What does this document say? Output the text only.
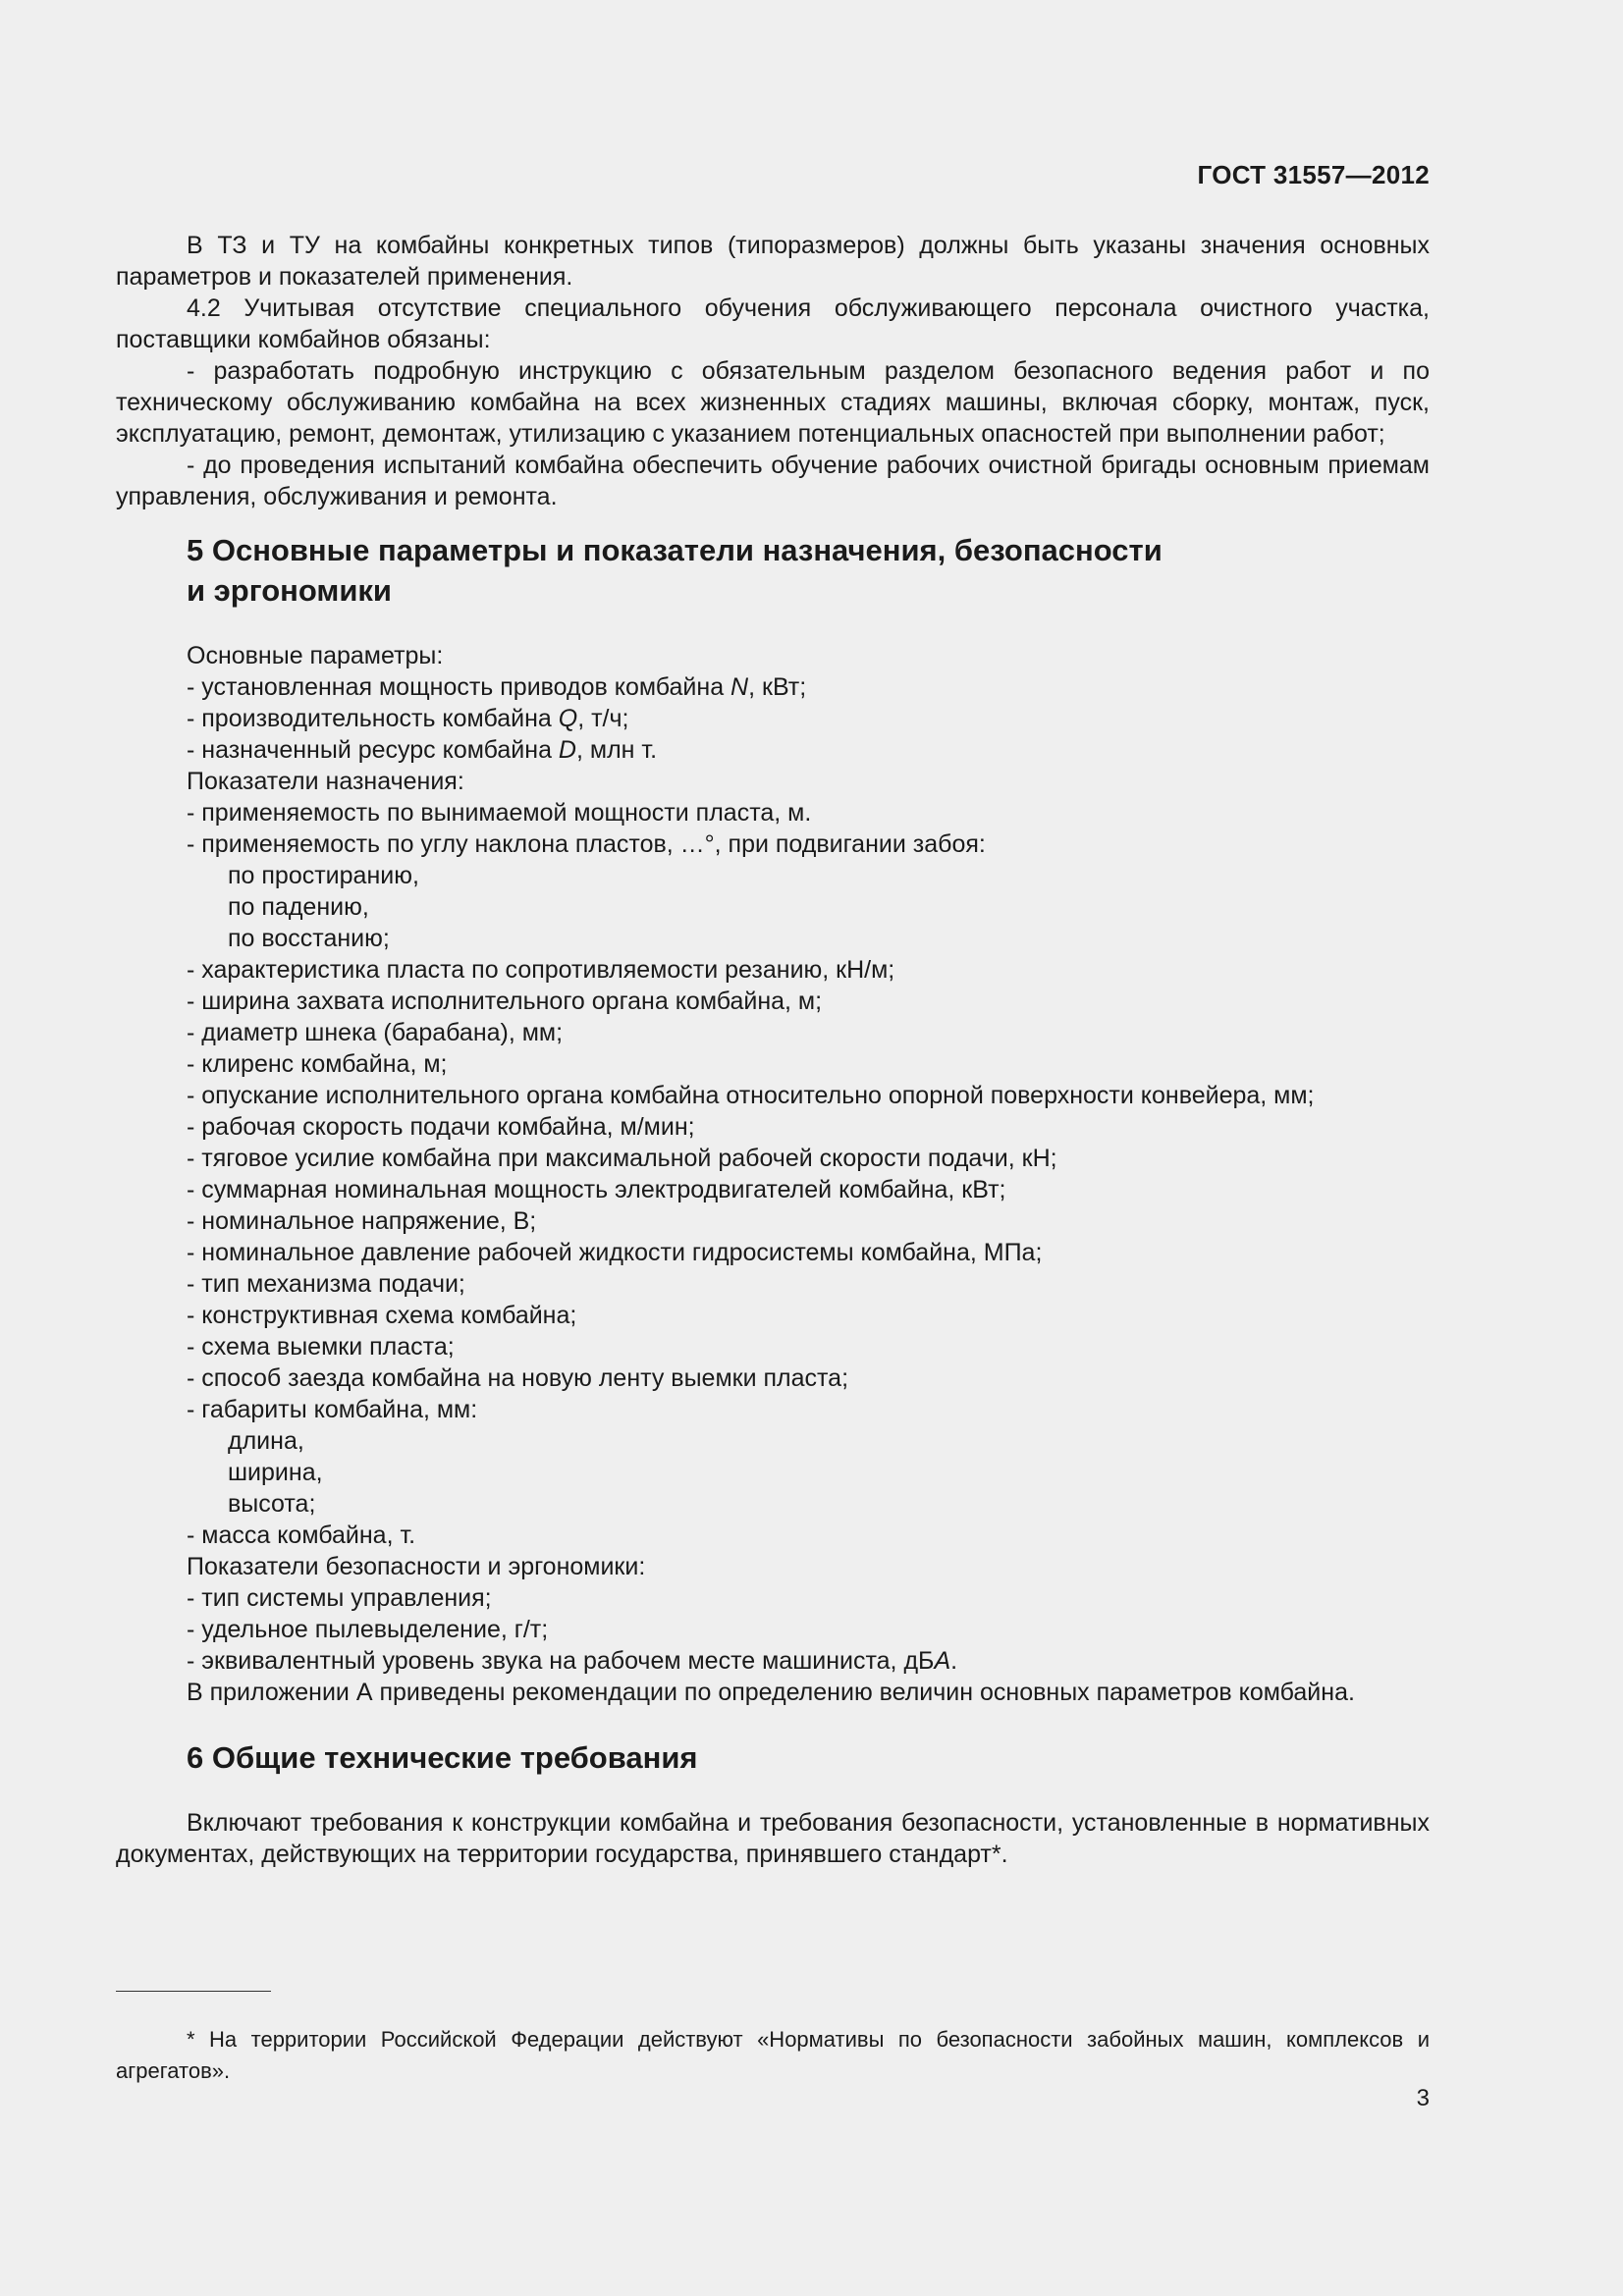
ГОСТ 31557—2012

В ТЗ и ТУ на комбайны конкретных типов (типоразмеров) должны быть указаны значения основных параметров и показателей применения.

4.2 Учитывая отсутствие специального обучения обслуживающего персонала очистного участка, поставщики комбайнов обязаны:

- разработать подробную инструкцию с обязательным разделом безопасного ведения работ и по техническому обслуживанию комбайна на всех жизненных стадиях машины, включая сборку, монтаж, пуск, эксплуатацию, ремонт, демонтаж, утилизацию с указанием потенциальных опасностей при выполнении работ;

- до проведения испытаний комбайна обеспечить обучение рабочих очистной бригады основным приемам управления, обслуживания и ремонта.

5 Основные параметры и показатели назначения, безопасности

и эргономики

Основные параметры:

- установленная мощность приводов комбайна N, кВт;

- производительность комбайна Q, т/ч;

- назначенный ресурс комбайна D, млн т.

Показатели назначения:

- применяемость по вынимаемой мощности пласта, м.

- применяемость по углу наклона пластов, …°, при подвигании забоя:

по простиранию,

по падению,

по восстанию;

- характеристика пласта по сопротивляемости резанию, кН/м;

- ширина захвата исполнительного органа комбайна, м;

- диаметр шнека (барабана), мм;

- клиренс комбайна, м;

- опускание исполнительного органа комбайна относительно опорной поверхности конвейера, мм;

- рабочая скорость подачи комбайна, м/мин;

- тяговое усилие комбайна при максимальной рабочей скорости подачи, кН;

- суммарная номинальная мощность электродвигателей комбайна, кВт;

- номинальное напряжение, В;

- номинальное давление рабочей жидкости гидросистемы комбайна, МПа;

- тип механизма подачи;

- конструктивная схема комбайна;

- схема выемки пласта;

- способ заезда комбайна на новую ленту выемки пласта;

- габариты комбайна, мм:

длина,

ширина,

высота;

- масса комбайна, т.

Показатели безопасности и эргономики:

- тип системы управления;

- удельное пылевыделение, г/т;

- эквивалентный уровень звука на рабочем месте машиниста, дБА.

В приложении А приведены рекомендации по определению величин основных параметров комбайна.

6 Общие технические требования

Включают требования к конструкции комбайна и требования безопасности, установленные в нормативных документах, действующих на территории государства, принявшего стандарт*.

* На территории Российской Федерации действуют «Нормативы по безопасности забойных машин, комплексов и агрегатов».

3
